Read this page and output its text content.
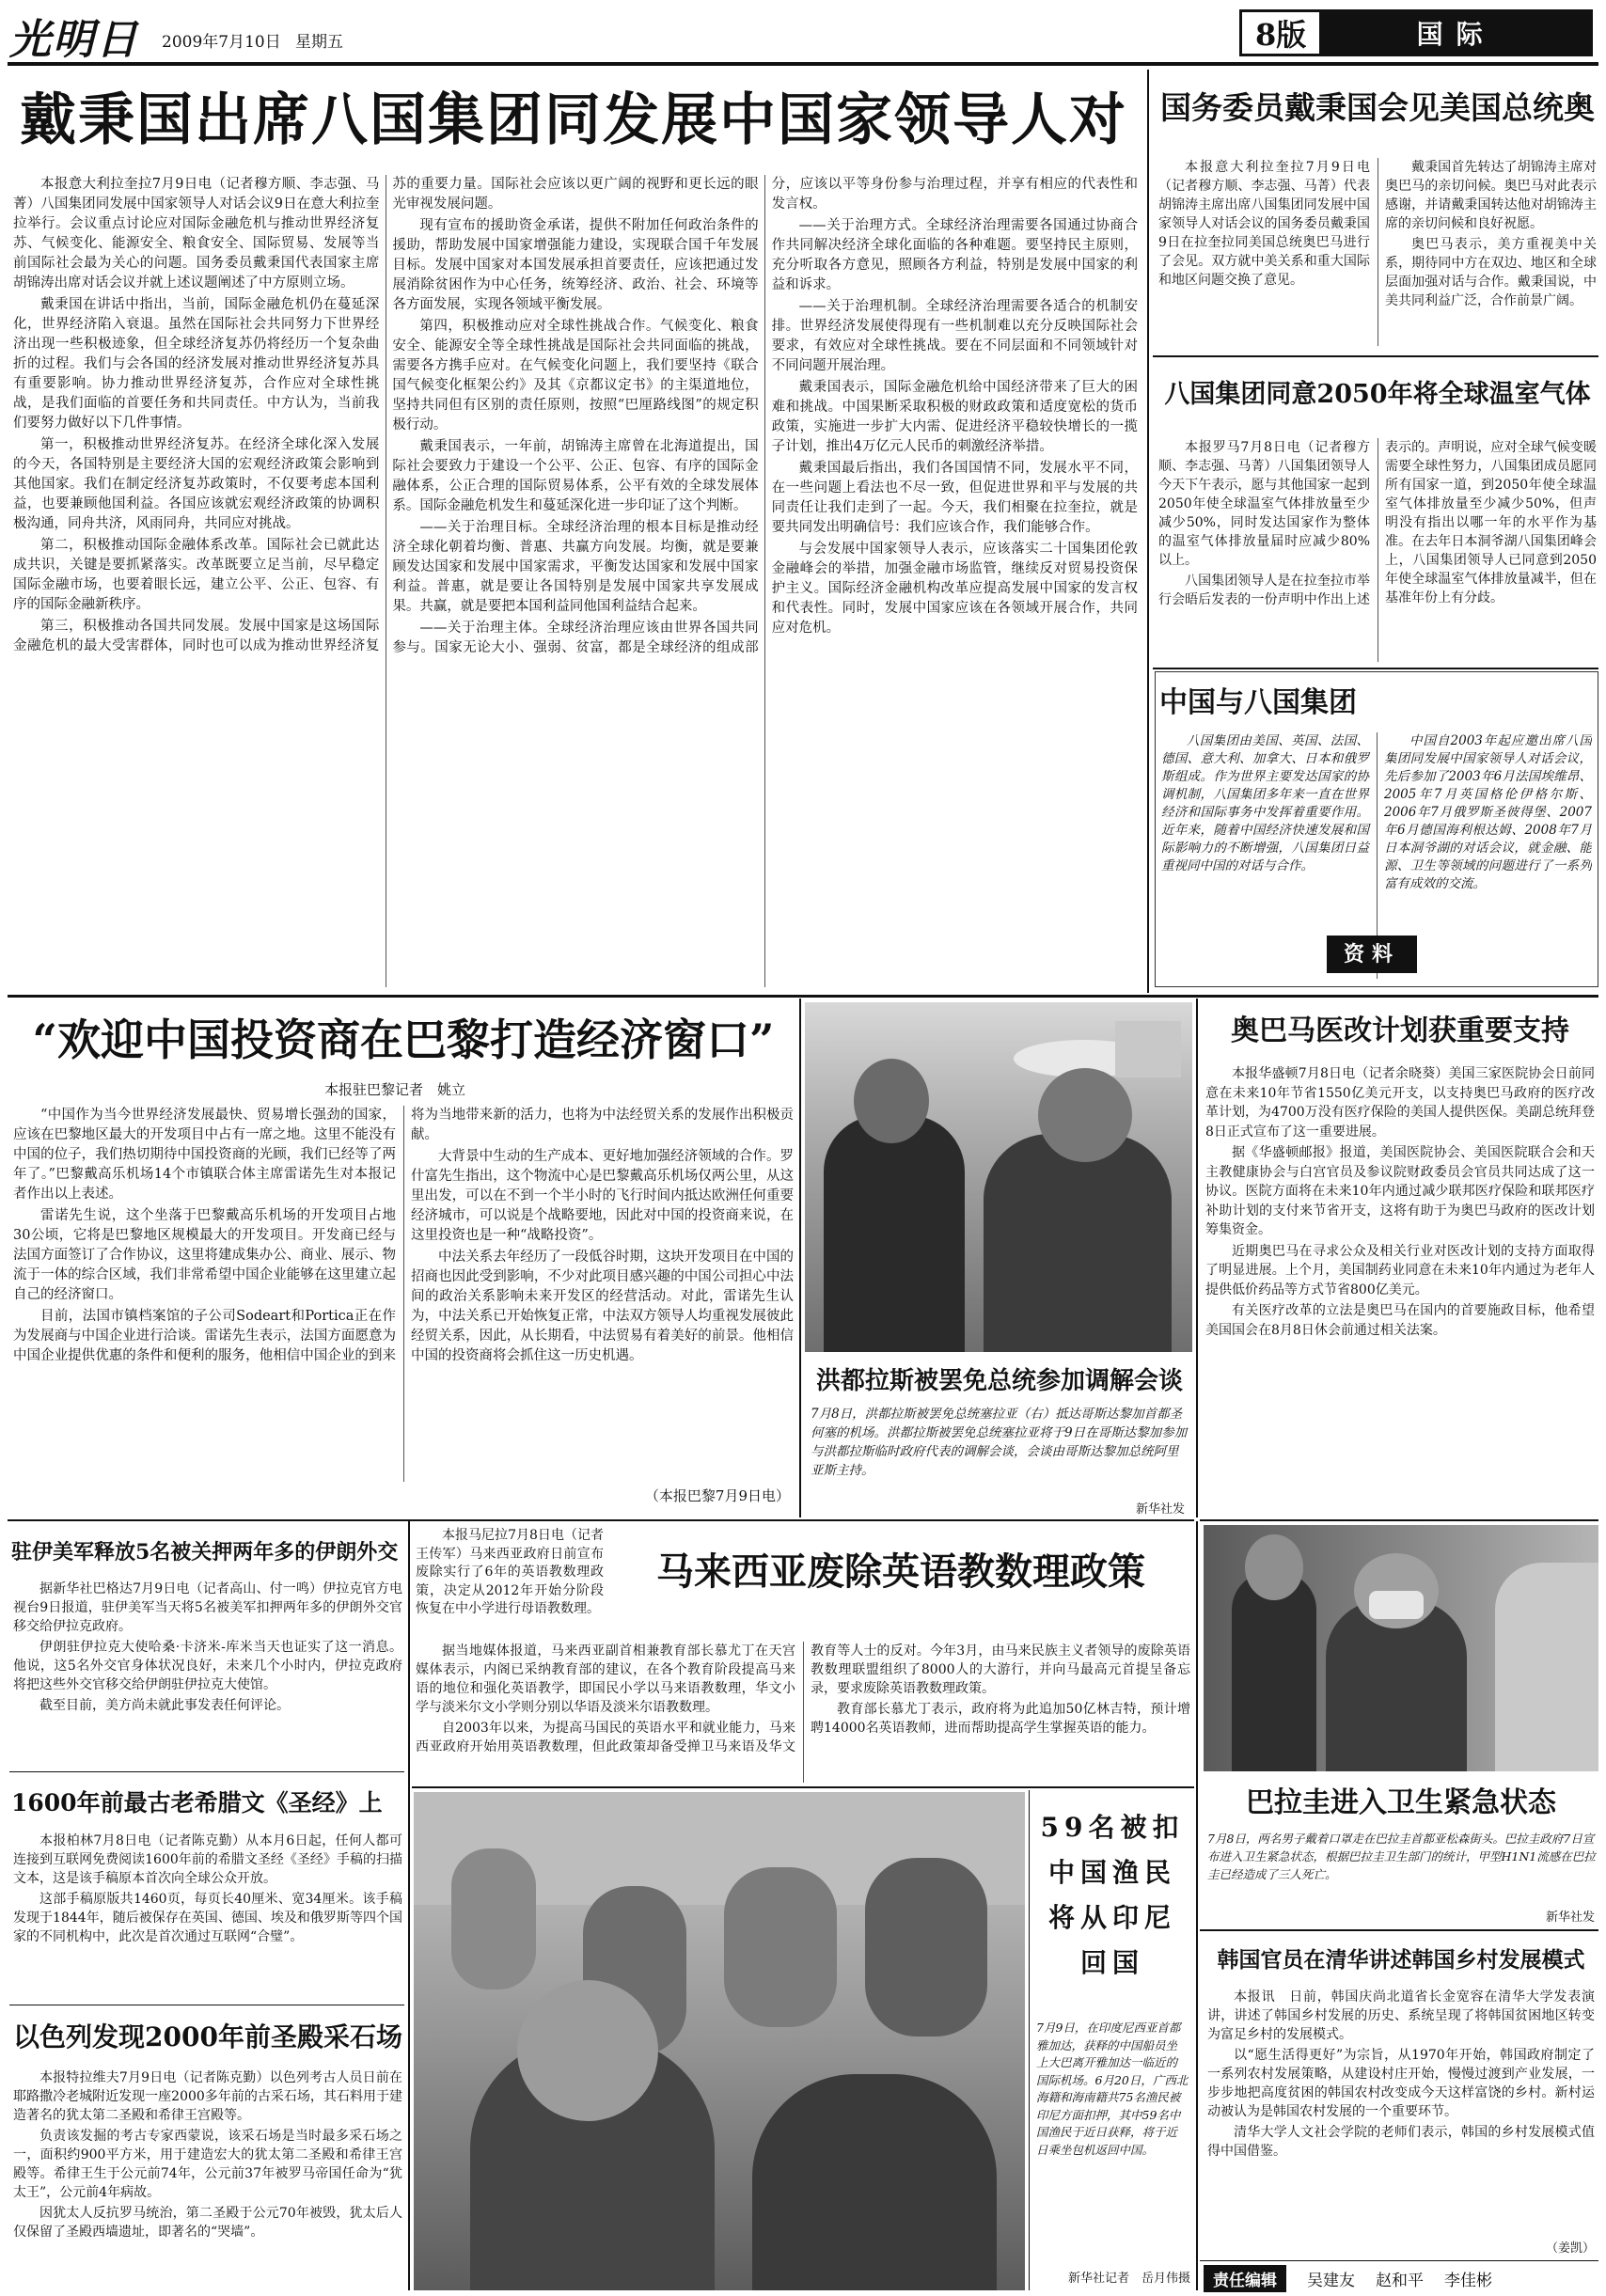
光明日	2009年7月10日 星期五	8版	国际
戴秉国出席八国集团同发展中国家领导人对

本报意大利拉奎拉7月9日电（记者穆方顺、李志强、马菁）八国集团同发展中国家领导人对话会议9日在意大利拉奎拉举行。会议重点讨论应对国际金融危机与推动世界经济复苏、气候变化、能源安全、粮食安全、国际贸易、发展等当前国际社会最为关心的问题。国务委员戴秉国代表国家主席胡锦涛出席对话会议并就上述议题阐述了中方原则立场。

戴秉国在讲话中指出，当前，国际金融危机仍在蔓延深化，世界经济陷入衰退。虽然在国际社会共同努力下世界经济出现一些积极迹象，但全球经济复苏仍将经历一个复杂曲折的过程。我们与会各国的经济发展对推动世界经济复苏具有重要影响。协力推动世界经济复苏，合作应对全球性挑战，是我们面临的首要任务和共同责任。中方认为，当前我们要努力做好以下几件事情。

第一，积极推动世界经济复苏。在经济全球化深入发展的今天，各国特别是主要经济大国的宏观经济政策会影响到其他国家。我们在制定经济复苏政策时，不仅要考虑本国利益，也要兼顾他国利益。各国应该就宏观经济政策的协调积极沟通，同舟共济，风雨同舟，共同应对挑战。

第二，积极推动国际金融体系改革。国际社会已就此达成共识，关键是要抓紧落实。改革既要立足当前，尽早稳定国际金融市场，也要着眼长远，建立公平、公正、包容、有序的国际金融新秩序。

第三，积极推动各国共同发展。发展中国家是这场国际金融危机的最大受害群体，同时也可以成为推动世界经济复苏的重要力量。国际社会应该以更广阔的视野和更长远的眼光审视发展问题。

现有宣布的援助资金承诺，提供不附加任何政治条件的援助，帮助发展中国家增强能力建设，实现联合国千年发展目标。发展中国家对本国发展承担首要责任，应该把通过发展消除贫困作为中心任务，统筹经济、政治、社会、环境等各方面发展，实现各领域平衡发展。

第四，积极推动应对全球性挑战合作。气候变化、粮食安全、能源安全等全球性挑战是国际社会共同面临的挑战，需要各方携手应对。在气候变化问题上，我们要坚持《联合国气候变化框架公约》及其《京都议定书》的主渠道地位，坚持共同但有区别的责任原则，按照“巴厘路线图”的规定积极行动。

戴秉国表示，一年前，胡锦涛主席曾在北海道提出，国际社会要致力于建设一个公平、公正、包容、有序的国际金融体系，公正合理的国际贸易体系，公平有效的全球发展体系。国际金融危机发生和蔓延深化进一步印证了这个判断。

——关于治理目标。全球经济治理的根本目标是推动经济全球化朝着均衡、普惠、共赢方向发展。均衡，就是要兼顾发达国家和发展中国家需求，平衡发达国家和发展中国家利益。普惠，就是要让各国特别是发展中国家共享发展成果。共赢，就是要把本国利益同他国利益结合起来。

——关于治理主体。全球经济治理应该由世界各国共同参与。国家无论大小、强弱、贫富，都是全球经济的组成部分，应该以平等身份参与治理过程，并享有相应的代表性和发言权。

——关于治理方式。全球经济治理需要各国通过协商合作共同解决经济全球化面临的各种难题。要坚持民主原则，充分听取各方意见，照顾各方利益，特别是发展中国家的利益和诉求。

——关于治理机制。全球经济治理需要各适合的机制安排。世界经济发展使得现有一些机制难以充分反映国际社会要求，有效应对全球性挑战。要在不同层面和不同领域针对不同问题开展治理。

戴秉国表示，国际金融危机给中国经济带来了巨大的困难和挑战。中国果断采取积极的财政政策和适度宽松的货币政策，实施进一步扩大内需、促进经济平稳较快增长的一揽子计划，推出4万亿元人民币的刺激经济举措。

戴秉国最后指出，我们各国国情不同，发展水平不同，在一些问题上看法也不尽一致，但促进世界和平与发展的共同责任让我们走到了一起。今天，我们相聚在拉奎拉，就是要共同发出明确信号：我们应该合作，我们能够合作。

与会发展中国家领导人表示，应该落实二十国集团伦敦金融峰会的举措，加强金融市场监管，继续反对贸易投资保护主义。国际经济金融机构改革应提高发展中国家的发言权和代表性。同时，发展中国家应该在各领域开展合作，共同应对危机。

国务委员戴秉国会见美国总统奥

本报意大利拉奎拉7月9日电（记者穆方顺、李志强、马菁）代表胡锦涛主席出席八国集团同发展中国家领导人对话会议的国务委员戴秉国9日在拉奎拉同美国总统奥巴马进行了会见。双方就中美关系和重大国际和地区问题交换了意见。

戴秉国首先转达了胡锦涛主席对奥巴马的亲切问候。奥巴马对此表示感谢，并请戴秉国转达他对胡锦涛主席的亲切问候和良好祝愿。

奥巴马表示，美方重视美中关系，期待同中方在双边、地区和全球层面加强对话与合作。戴秉国说，中美共同利益广泛，合作前景广阔。

八国集团同意2050年将全球温室气体

本报罗马7月8日电（记者穆方顺、李志强、马菁）八国集团领导人今天下午表示，愿与其他国家一起到2050年使全球温室气体排放量至少减少50%，同时发达国家作为整体的温室气体排放量届时应减少80%以上。

八国集团领导人是在拉奎拉市举行会晤后发表的一份声明中作出上述表示的。声明说，应对全球气候变暖需要全球性努力，八国集团成员愿同所有国家一道，到2050年使全球温室气体排放量至少减少50%，但声明没有指出以哪一年的水平作为基准。在去年日本洞爷湖八国集团峰会上，八国集团领导人已同意到2050年使全球温室气体排放量减半，但在基准年份上有分歧。

中国与八国集团

八国集团由美国、英国、法国、德国、意大利、加拿大、日本和俄罗斯组成。作为世界主要发达国家的协调机制，八国集团多年来一直在世界经济和国际事务中发挥着重要作用。近年来，随着中国经济快速发展和国际影响力的不断增强，八国集团日益重视同中国的对话与合作。

中国自2003年起应邀出席八国集团同发展中国家领导人对话会议，先后参加了2003年6月法国埃维昂、2005年7月英国格伦伊格尔斯、2006年7月俄罗斯圣彼得堡、2007年6月德国海利根达姆、2008年7月日本洞爷湖的对话会议，就金融、能源、卫生等领域的问题进行了一系列富有成效的交流。

资料
“欢迎中国投资商在巴黎打造经济窗口”
本报驻巴黎记者　姚立

“中国作为当今世界经济发展最快、贸易增长强劲的国家，应该在巴黎地区最大的开发项目中占有一席之地。这里不能没有中国的位子，我们热切期待中国投资商的光顾，我们已经等了两年了。”巴黎戴高乐机场14个市镇联合体主席雷诺先生对本报记者作出以上表述。

雷诺先生说，这个坐落于巴黎戴高乐机场的开发项目占地30公顷，它将是巴黎地区规模最大的开发项目。开发商已经与法国方面签订了合作协议，这里将建成集办公、商业、展示、物流于一体的综合区域，我们非常希望中国企业能够在这里建立起自己的经济窗口。

目前，法国市镇档案馆的子公司Sodeart和Portica正在作为发展商与中国企业进行洽谈。雷诺先生表示，法国方面愿意为中国企业提供优惠的条件和便利的服务，他相信中国企业的到来将为当地带来新的活力，也将为中法经贸关系的发展作出积极贡献。

大背景中生动的生产成本、更好地加强经济领域的合作。罗什富先生指出，这个物流中心是巴黎戴高乐机场仅两公里，从这里出发，可以在不到一个半小时的飞行时间内抵达欧洲任何重要经济城市，可以说是个战略要地，因此对中国的投资商来说，在这里投资也是一种“战略投资”。

中法关系去年经历了一段低谷时期，这块开发项目在中国的招商也因此受到影响，不少对此项目感兴趣的中国公司担心中法间的政治关系影响未来开发区的经营活动。对此，雷诺先生认为，中法关系已开始恢复正常，中法双方领导人均重视发展彼此经贸关系，因此，从长期看，中法贸易有着美好的前景。他相信中国的投资商将会抓住这一历史机遇。

（本报巴黎7月9日电）
洪都拉斯被罢免总统参加调解会谈
7月8日，洪都拉斯被罢免总统塞拉亚（右）抵达哥斯达黎加首都圣何塞的机场。洪都拉斯被罢免总统塞拉亚将于9日在哥斯达黎加参加与洪都拉斯临时政府代表的调解会谈，会谈由哥斯达黎加总统阿里亚斯主持。
新华社发
奥巴马医改计划获重要支持

本报华盛顿7月8日电（记者余晓葵）美国三家医院协会日前同意在未来10年节省1550亿美元开支，以支持奥巴马政府的医疗改革计划，为4700万没有医疗保险的美国人提供医保。美副总统拜登8日正式宣布了这一重要进展。

据《华盛顿邮报》报道，美国医院协会、美国医院联合会和天主教健康协会与白宫官员及参议院财政委员会官员共同达成了这一协议。医院方面将在未来10年内通过减少联邦医疗保险和联邦医疗补助计划的支付来节省开支，这将有助于为奥巴马政府的医改计划筹集资金。

近期奥巴马在寻求公众及相关行业对医改计划的支持方面取得了明显进展。上个月，美国制药业同意在未来10年内通过为老年人提供低价药品等方式节省800亿美元。

有关医疗改革的立法是奥巴马在国内的首要施政目标，他希望美国国会在8月8日休会前通过相关法案。

驻伊美军释放5名被关押两年多的伊朗外交

据新华社巴格达7月9日电（记者高山、付一鸣）伊拉克官方电视台9日报道，驻伊美军当天将5名被美军扣押两年多的伊朗外交官移交给伊拉克政府。

伊朗驻伊拉克大使哈桑·卡济米-库米当天也证实了这一消息。他说，这5名外交官身体状况良好，未来几个小时内，伊拉克政府将把这些外交官移交给伊朗驻伊拉克大使馆。

截至目前，美方尚未就此事发表任何评论。

1600年前最古老希腊文《圣经》上

本报柏林7月8日电（记者陈克勤）从本月6日起，任何人都可连接到互联网免费阅读1600年前的希腊文圣经《圣经》手稿的扫描文本，这是该手稿原本首次向全球公众开放。

这部手稿原版共1460页，每页长40厘米、宽34厘米。该手稿发现于1844年，随后被保存在英国、德国、埃及和俄罗斯等四个国家的不同机构中，此次是首次通过互联网“合璧”。

以色列发现2000年前圣殿采石场

本报特拉维夫7月9日电（记者陈克勤）以色列考古人员日前在耶路撒冷老城附近发现一座2000多年前的古采石场，其石料用于建造著名的犹太第二圣殿和希律王宫殿等。

负责该发掘的考古专家西蒙说，该采石场是当时最多采石场之一，面积约900平方米，用于建造宏大的犹太第二圣殿和希律王宫殿等。希律王生于公元前74年，公元前37年被罗马帝国任命为“犹太王”，公元前4年病故。

因犹太人反抗罗马统治，第二圣殿于公元70年被毁，犹太后人仅保留了圣殿西墙遗址，即著名的“哭墙”。

本报马尼拉7月8日电（记者王传军）马来西亚政府日前宣布废除实行了6年的英语教数理政策，决定从2012年开始分阶段恢复在中小学进行母语教数理。

马来西亚废除英语教数理政策

据当地媒体报道，马来西亚副首相兼教育部长慕尤丁在天宫媒体表示，内阁已采纳教育部的建议，在各个教育阶段提高马来语的地位和强化英语教学，即国民小学以马来语教数理，华文小学与淡米尔文小学则分别以华语及淡米尔语教数理。

自2003年以来，为提高马国民的英语水平和就业能力，马来西亚政府开始用英语教数理，但此政策却备受掸卫马来语及华文教育等人士的反对。今年3月，由马来民族主义者领导的废除英语教数理联盟组织了8000人的大游行，并向马最高元首提呈备忘录，要求废除英语教数理政策。

教育部长慕尤丁表示，政府将为此追加50亿林吉特，预计增聘14000名英语教师，进而帮助提高学生掌握英语的能力。

59名被扣中国渔民将从印尼回国
7月9日，在印度尼西亚首都雅加达，获释的中国船员坐上大巴离开雅加达一临近的国际机场。6月20日，广西北海籍和海南籍共75名渔民被印尼方面扣押，其中59名中国渔民于近日获释，将于近日乘坐包机返回中国。
新华社记者　岳月伟摄
巴拉圭进入卫生紧急状态
7月8日，两名男子戴着口罩走在巴拉圭首都亚松森街头。巴拉圭政府7日宣布进入卫生紧急状态，根据巴拉圭卫生部门的统计，甲型H1N1流感在巴拉圭已经造成了三人死亡。
新华社发
韩国官员在清华讲述韩国乡村发展模式

本报讯　日前，韩国庆尚北道省长金宽容在清华大学发表演讲，讲述了韩国乡村发展的历史、系统呈现了将韩国贫困地区转变为富足乡村的发展模式。

以“愿生活得更好”为宗旨，从1970年开始，韩国政府制定了一系列农村发展策略，从建设村庄开始，慢慢过渡到产业发展，一步步地把高度贫困的韩国农村改变成今天这样富饶的乡村。新村运动被认为是韩国农村发展的一个重要环节。

清华大学人文社会学院的老师们表示，韩国的乡村发展模式值得中国借鉴。

（姜凯）
责任编辑	吴建友 赵和平 李佳彬
